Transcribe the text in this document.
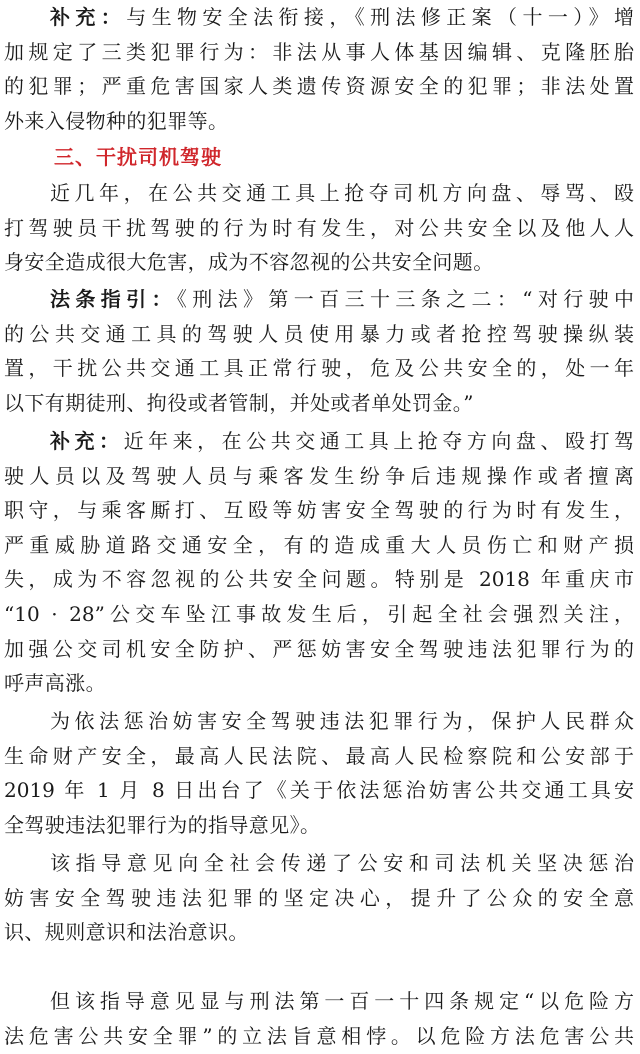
补充：与生物安全法衔接，《刑法修正案（十一）》增
加规定了三类犯罪行为：非法从事人体基因编辑、克隆胚胎
的犯罪；严重危害国家人类遗传资源安全的犯罪；非法处置
外来入侵物种的犯罪等。
三、干扰司机驾驶
近几年，在公共交通工具上抢夺司机方向盘、辱骂、殴
打驾驶员干扰驾驶的行为时有发生，对公共安全以及他人人
身安全造成很大危害，成为不容忽视的公共安全问题。
法条指引：《刑法》第一百三十三条之二：“对行驶中
的公共交通工具的驾驶人员使用暴力或者抢控驾驶操纵装
置，干扰公共交通工具正常行驶，危及公共安全的，处一年
以下有期徒刑、拘役或者管制，并处或者单处罚金。”
补充：近年来，在公共交通工具上抢夺方向盘、殴打驾
驶人员以及驾驶人员与乘客发生纷争后违规操作或者擅离
职守，与乘客厮打、互殴等妨害安全驾驶的行为时有发生，
严重威胁道路交通安全，有的造成重大人员伤亡和财产损
失，成为不容忽视的公共安全问题。特别是 2018 年重庆市
“10 · 28”公交车坠江事故发生后，引起全社会强烈关注，
加强公交司机安全防护、严惩妨害安全驾驶违法犯罪行为的
呼声高涨。
为依法惩治妨害安全驾驶违法犯罪行为，保护人民群众
生命财产安全，最高人民法院、最高人民检察院和公安部于
2019 年 1 月 8 日出台了《关于依法惩治妨害公共交通工具安
全驾驶违法犯罪行为的指导意见》。
该指导意见向全社会传递了公安和司法机关坚决惩治
妨害安全驾驶违法犯罪的坚定决心，提升了公众的安全意
识、规则意识和法治意识。
但该指导意见显与刑法第一百一十四条规定“以危险方
法危害公共安全罪”的立法旨意相悖。以危险方法危害公共
